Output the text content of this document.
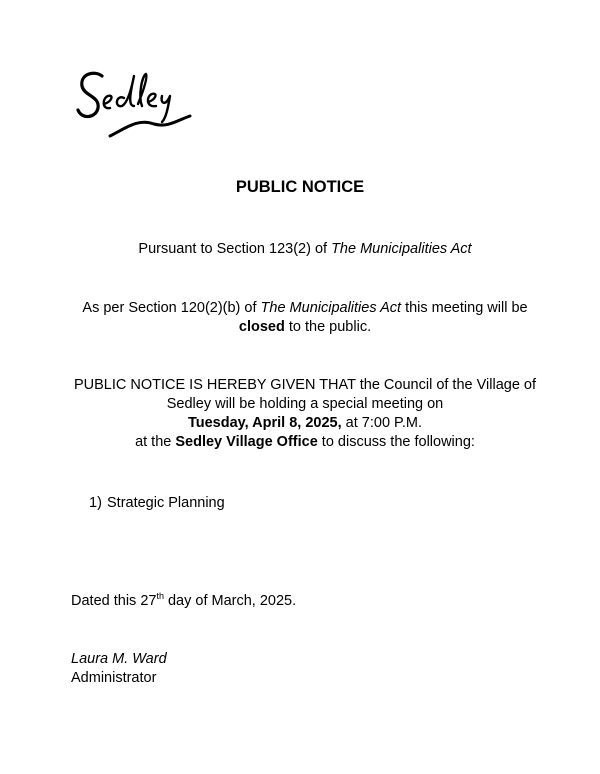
PUBLIC NOTICE
Pursuant to Section 123(2) of The Municipalities Act
As per Section 120(2)(b) of The Municipalities Act this meeting will be
closed to the public.
PUBLIC NOTICE IS HEREBY GIVEN THAT the Council of the Village of
Sedley will be holding a special meeting on
Tuesday, April 8, 2025, at 7:00 P.M.
at the Sedley Village Office to discuss the following:
1) Strategic Planning
Dated this 27th day of March, 2025.
Laura M. Ward
Administrator
